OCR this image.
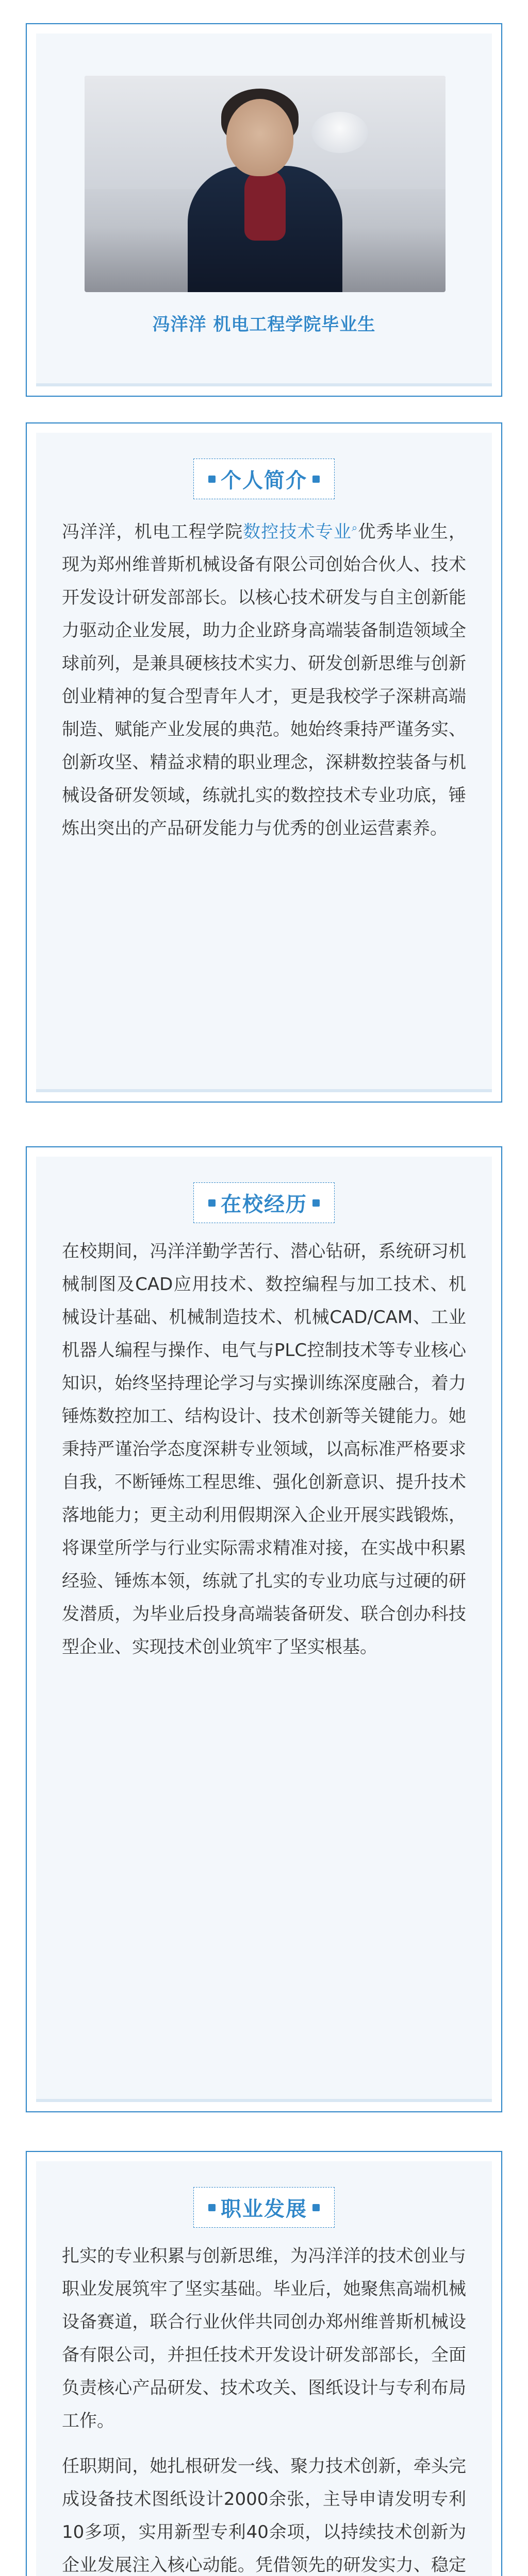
冯洋洋 机电工程学院毕业生
个人简介

冯洋洋，机电工程学院数控技术专业⌕优秀毕业生，现为郑州维普斯机械设备有限公司创始合伙人、技术开发设计研发部部长。以核心技术研发与自主创新能力驱动企业发展，助力企业跻身高端装备制造领域全球前列，是兼具硬核技术实力、研发创新思维与创新创业精神的复合型青年人才，更是我校学子深耕高端制造、赋能产业发展的典范。她始终秉持严谨务实、创新攻坚、精益求精的职业理念，深耕数控装备与机械设备研发领域，练就扎实的数控技术专业功底，锤炼出突出的产品研发能力与优秀的创业运营素养。

在校经历

在校期间，冯洋洋勤学苦行、潜心钻研，系统研习机械制图及CAD应用技术、数控编程与加工技术、机械设计基础、机械制造技术、机械CAD/CAM、工业机器人编程与操作、电气与PLC控制技术等专业核心知识，始终坚持理论学习与实操训练深度融合，着力锤炼数控加工、结构设计、技术创新等关键能力。她秉持严谨治学态度深耕专业领域，以高标准严格要求自我，不断锤炼工程思维、强化创新意识、提升技术落地能力；更主动利用假期深入企业开展实践锻炼，将课堂所学与行业实际需求精准对接，在实战中积累经验、锤炼本领，练就了扎实的专业功底与过硬的研发潜质，为毕业后投身高端装备研发、联合创办科技型企业、实现技术创业筑牢了坚实根基。

职业发展

扎实的专业积累与创新思维，为冯洋洋的技术创业与职业发展筑牢了坚实基础。毕业后，她聚焦高端机械设备赛道，联合行业伙伴共同创办郑州维普斯机械设备有限公司，并担任技术开发设计研发部部长，全面负责核心产品研发、技术攻关、图纸设计与专利布局工作。

任职期间，她扎根研发一线、聚力技术创新，牵头完成设备技术图纸设计2000余张，主导申请发明专利10多项，实用新型专利40余项，以持续技术创新为企业发展注入核心动能。凭借领先的研发实力、稳定
